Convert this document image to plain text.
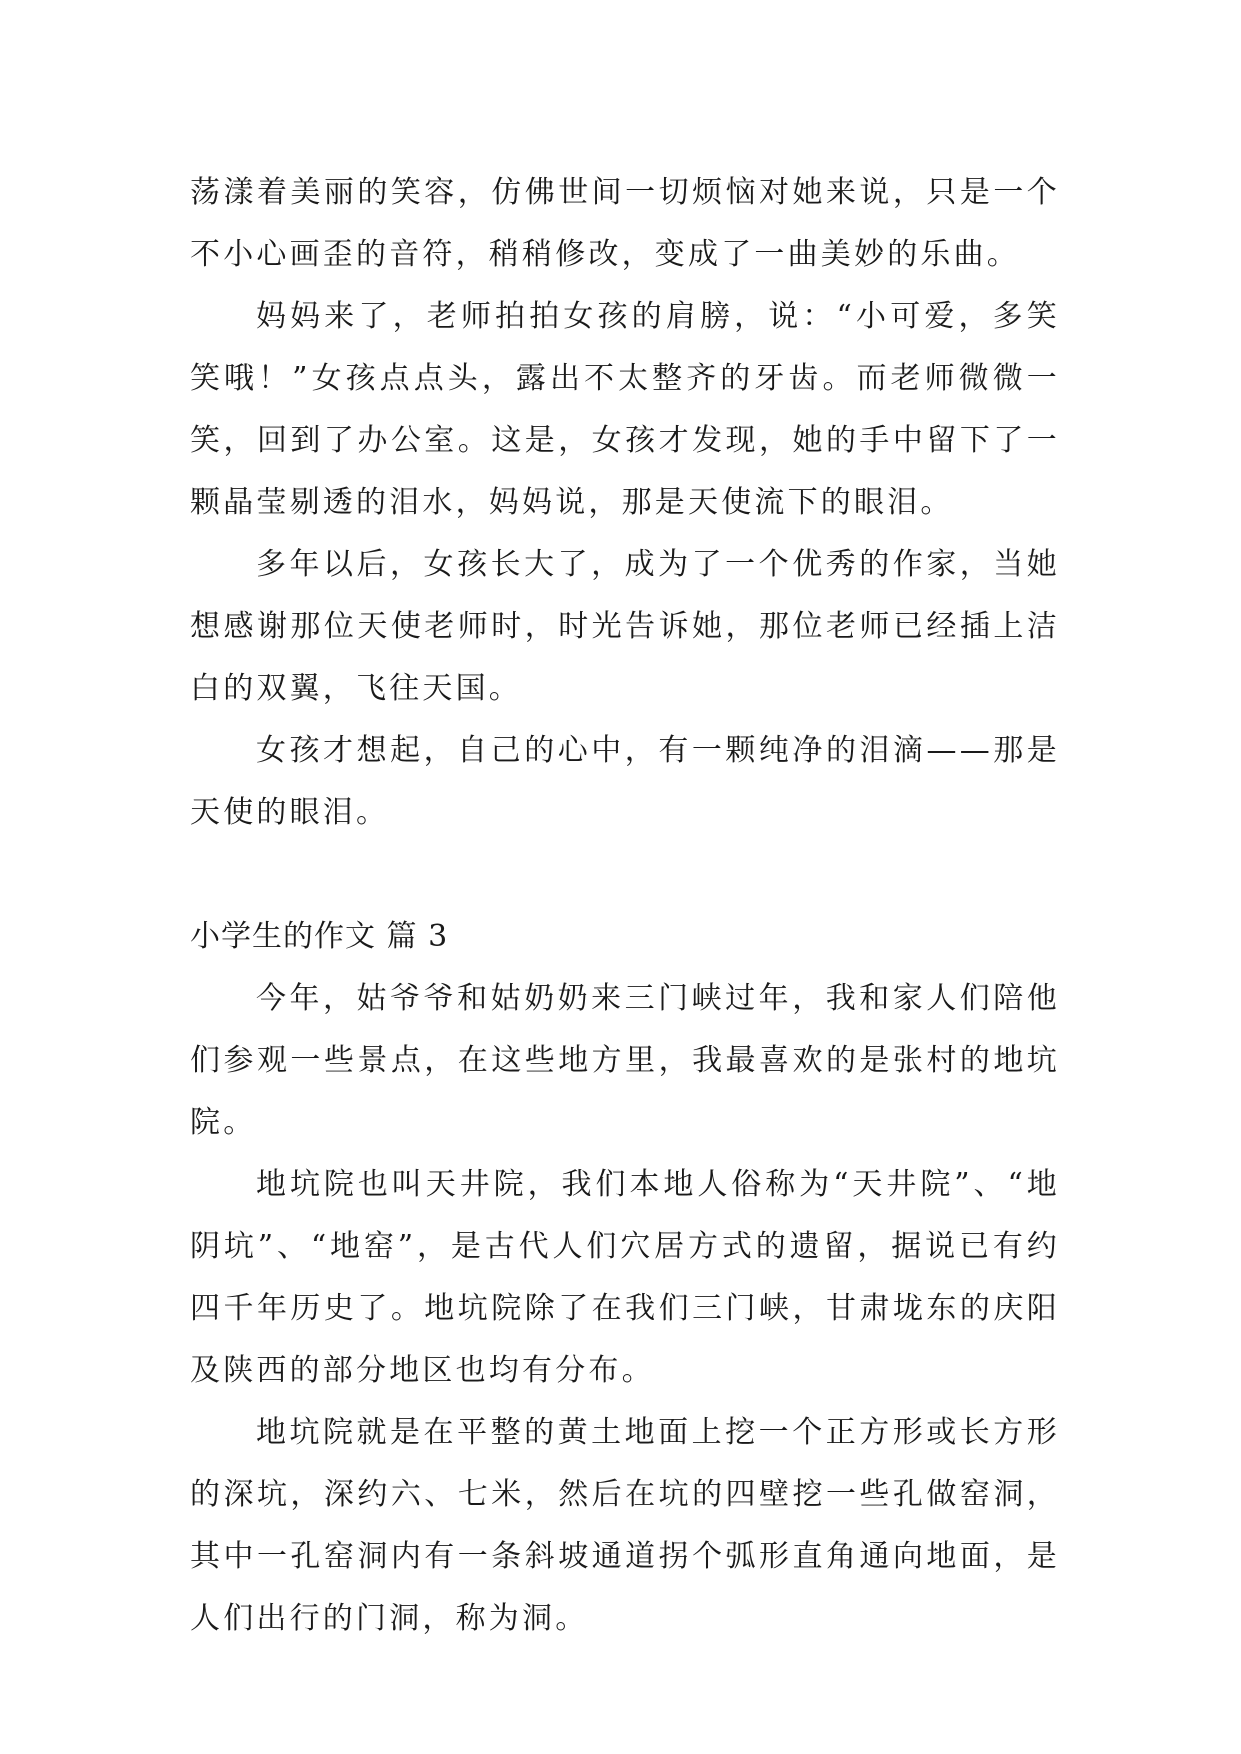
荡漾着美丽的笑容，仿佛世间一切烦恼对她来说，只是一个不小心画歪的音符，稍稍修改，变成了一曲美妙的乐曲。

妈妈来了，老师拍拍女孩的肩膀，说：“小可爱，多笑笑哦！”女孩点点头，露出不太整齐的牙齿。而老师微微一笑，回到了办公室。这是，女孩才发现，她的手中留下了一颗晶莹剔透的泪水，妈妈说，那是天使流下的眼泪。

多年以后，女孩长大了，成为了一个优秀的作家，当她想感谢那位天使老师时，时光告诉她，那位老师已经插上洁白的双翼，飞往天国。

女孩才想起，自己的心中，有一颗纯净的泪滴——那是天使的眼泪。

小学生的作文 篇 3

今年，姑爷爷和姑奶奶来三门峡过年，我和家人们陪他们参观一些景点，在这些地方里，我最喜欢的是张村的地坑院。

地坑院也叫天井院，我们本地人俗称为“天井院”、“地阴坑”、“地窑”，是古代人们穴居方式的遗留，据说已有约四千年历史了。地坑院除了在我们三门峡，甘肃垅东的庆阳及陕西的部分地区也均有分布。

地坑院就是在平整的黄土地面上挖一个正方形或长方形的深坑，深约六、七米，然后在坑的四壁挖一些孔做窑洞，其中一孔窑洞内有一条斜坡通道拐个弧形直角通向地面，是人们出行的门洞，称为洞。
